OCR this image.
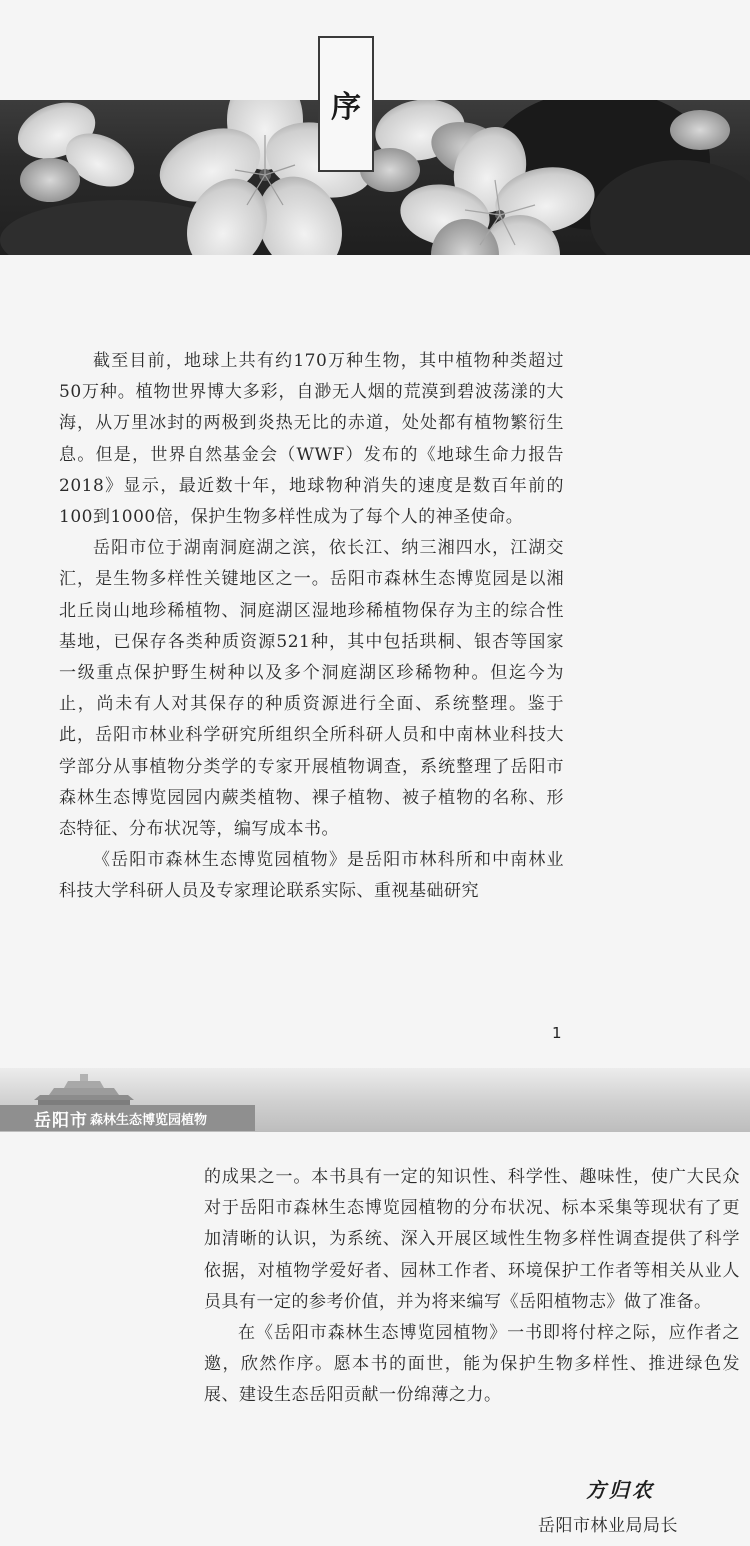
序

截至目前，地球上共有约170万种生物，其中植物种类超过50万种。植物世界博大多彩，自渺无人烟的荒漠到碧波荡漾的大海，从万里冰封的两极到炎热无比的赤道，处处都有植物繁衍生息。但是，世界自然基金会（WWF）发布的《地球生命力报告2018》显示，最近数十年，地球物种消失的速度是数百年前的100到1000倍，保护生物多样性成为了每个人的神圣使命。

岳阳市位于湖南洞庭湖之滨，依长江、纳三湘四水，江湖交汇，是生物多样性关键地区之一。岳阳市森林生态博览园是以湘北丘岗山地珍稀植物、洞庭湖区湿地珍稀植物保存为主的综合性基地，已保存各类种质资源521种，其中包括珙桐、银杏等国家一级重点保护野生树种以及多个洞庭湖区珍稀物种。但迄今为止，尚未有人对其保存的种质资源进行全面、系统整理。鉴于此，岳阳市林业科学研究所组织全所科研人员和中南林业科技大学部分从事植物分类学的专家开展植物调查，系统整理了岳阳市森林生态博览园园内蕨类植物、裸子植物、被子植物的名称、形态特征、分布状况等，编写成本书。

《岳阳市森林生态博览园植物》是岳阳市林科所和中南林业科技大学科研人员及专家理论联系实际、重视基础研究

1
岳阳市 森林生态博览园植物

的成果之一。本书具有一定的知识性、科学性、趣味性，使广大民众对于岳阳市森林生态博览园植物的分布状况、标本采集等现状有了更加清晰的认识，为系统、深入开展区域性生物多样性调查提供了科学依据，对植物学爱好者、园林工作者、环境保护工作者等相关从业人员具有一定的参考价值，并为将来编写《岳阳植物志》做了准备。

在《岳阳市森林生态博览园植物》一书即将付梓之际，应作者之邀，欣然作序。愿本书的面世，能为保护生物多样性、推进绿色发展、建设生态岳阳贡献一份绵薄之力。

方归农
岳阳市林业局局长
